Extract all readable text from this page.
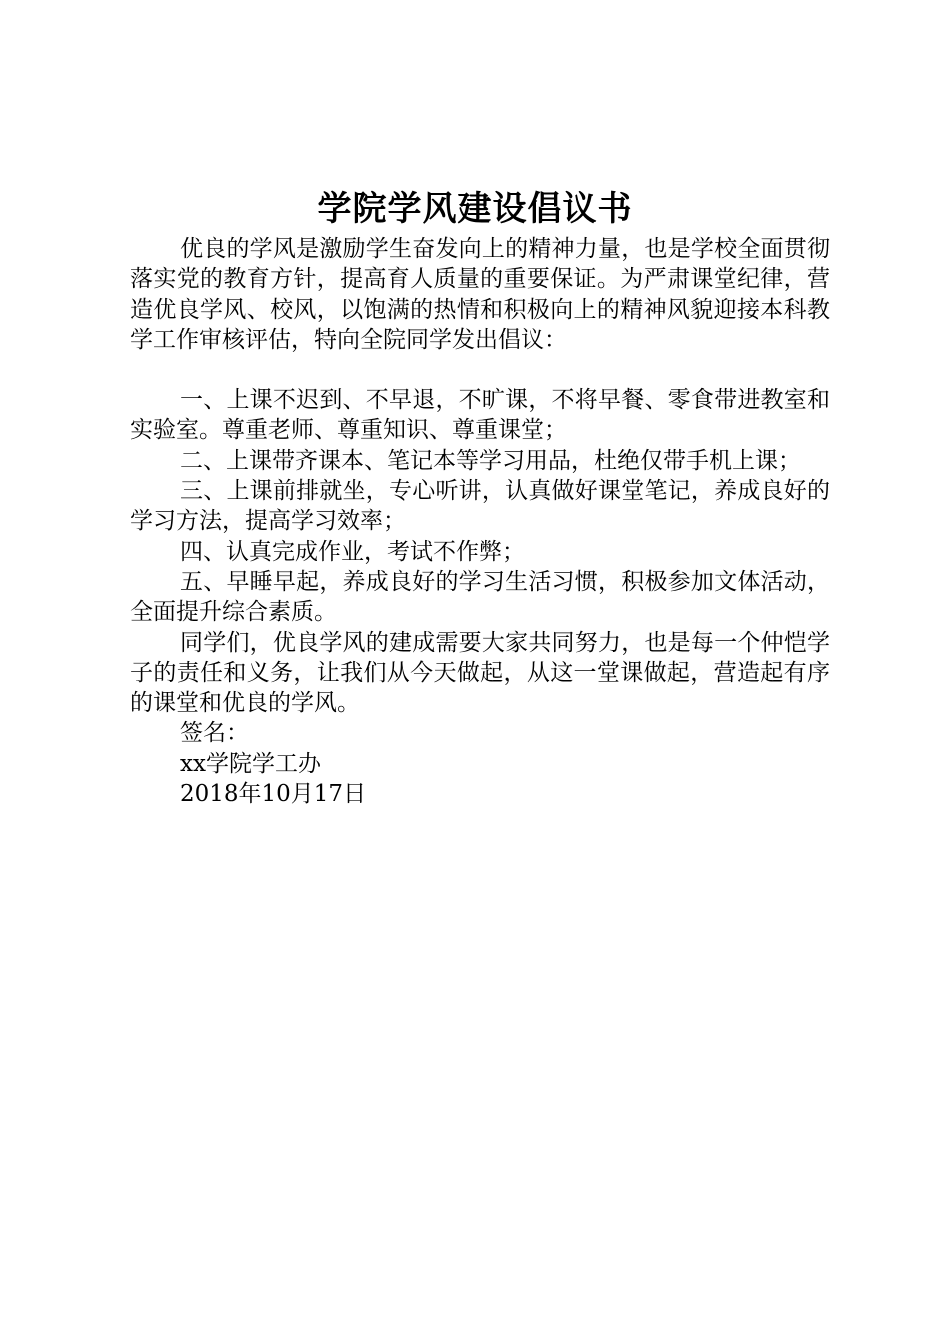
学院学风建设倡议书

优良的学风是激励学生奋发向上的精神力量，也是学校全面贯彻落实党的教育方针，提高育人质量的重要保证。为严肃课堂纪律，营造优良学风、校风，以饱满的热情和积极向上的精神风貌迎接本科教学工作审核评估，特向全院同学发出倡议：

一、上课不迟到、不早退，不旷课，不将早餐、零食带进教室和实验室。尊重老师、尊重知识、尊重课堂；

二、上课带齐课本、笔记本等学习用品，杜绝仅带手机上课；

三、上课前排就坐，专心听讲，认真做好课堂笔记，养成良好的学习方法，提高学习效率；

四、认真完成作业，考试不作弊；

五、早睡早起，养成良好的学习生活习惯，积极参加文体活动，全面提升综合素质。

同学们，优良学风的建成需要大家共同努力，也是每一个仲恺学子的责任和义务，让我们从今天做起，从这一堂课做起，营造起有序的课堂和优良的学风。

签名：

xx学院学工办

2018年10月17日
